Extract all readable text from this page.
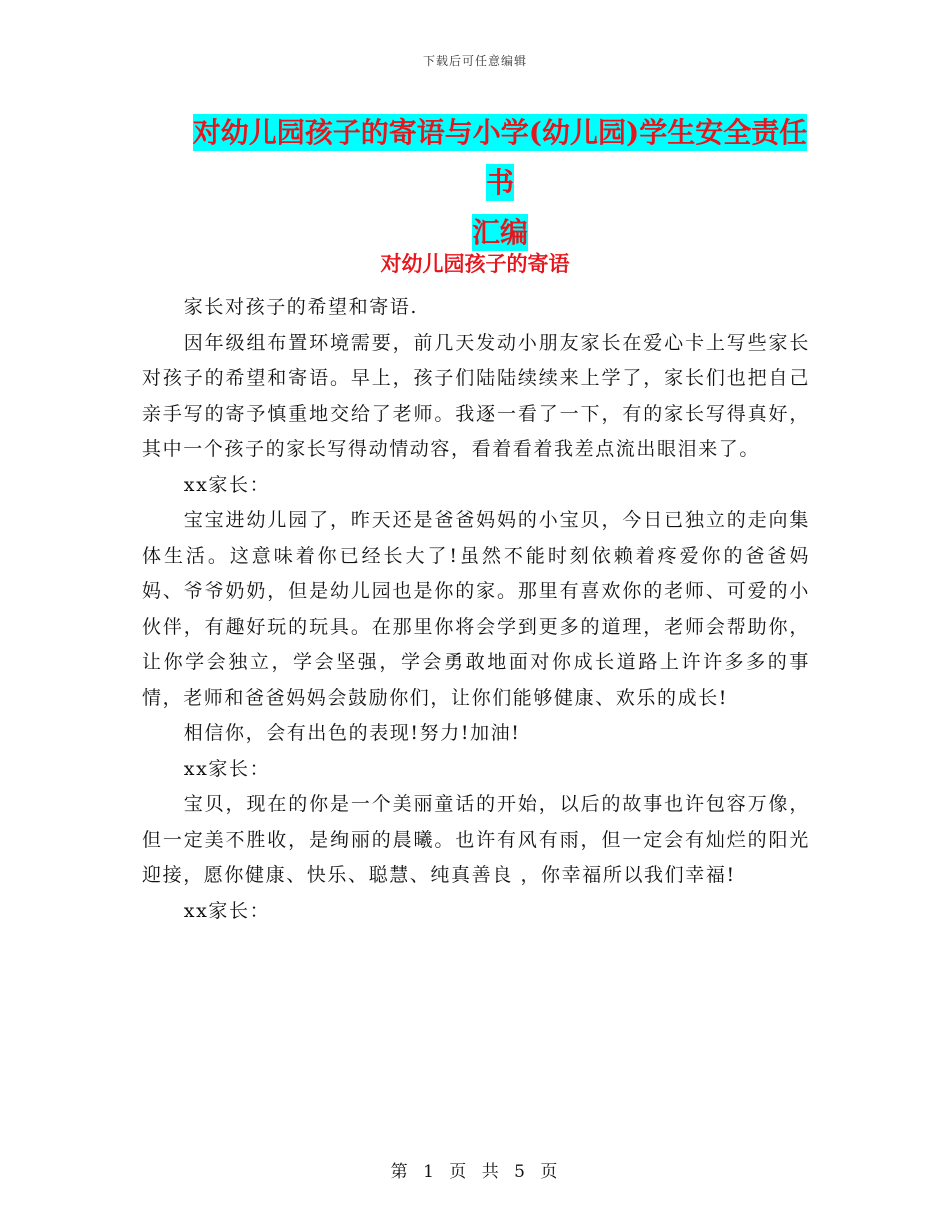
下载后可任意编辑
对幼儿园孩子的寄语与小学(幼儿园)学生安全责任书
汇编
对幼儿园孩子的寄语

家长对孩子的希望和寄语.

因年级组布置环境需要，前几天发动小朋友家长在爱心卡上写些家长对孩子的希望和寄语。早上，孩子们陆陆续续来上学了，家长们也把自己亲手写的寄予慎重地交给了老师。我逐一看了一下，有的家长写得真好，其中一个孩子的家长写得动情动容，看着看着我差点流出眼泪来了。

xx家长：

宝宝进幼儿园了，昨天还是爸爸妈妈的小宝贝，今日已独立的走向集体生活。这意味着你已经长大了!虽然不能时刻依赖着疼爱你的爸爸妈妈、爷爷奶奶，但是幼儿园也是你的家。那里有喜欢你的老师、可爱的小伙伴，有趣好玩的玩具。在那里你将会学到更多的道理，老师会帮助你，让你学会独立，学会坚强，学会勇敢地面对你成长道路上许许多多的事情，老师和爸爸妈妈会鼓励你们，让你们能够健康、欢乐的成长!

相信你，会有出色的表现!努力!加油!

xx家长：

宝贝，现在的你是一个美丽童话的开始，以后的故事也许包容万像，但一定美不胜收，是绚丽的晨曦。也许有风有雨，但一定会有灿烂的阳光迎接，愿你健康、快乐、聪慧、纯真善良 ，你幸福所以我们幸福!

xx家长：

第 1 页 共 5 页
